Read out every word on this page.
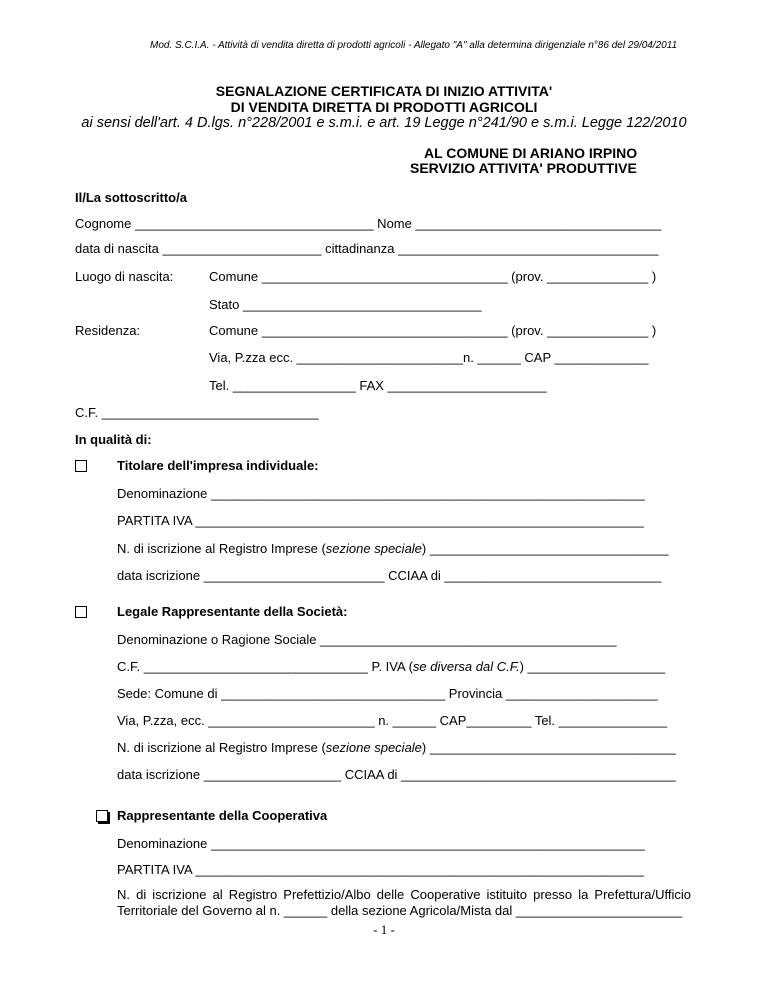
Mod. S.C.I.A. - Attività di vendita diretta di prodotti agricoli - Allegato "A" alla determina dirigenziale n°86 del 29/04/2011
SEGNALAZIONE CERTIFICATA DI INIZIO ATTIVITA'
DI VENDITA DIRETTA DI PRODOTTI AGRICOLI
ai sensi dell'art. 4 D.lgs. n°228/2001 e s.m.i. e art. 19 Legge n°241/90 e s.m.i. Legge 122/2010
AL COMUNE DI ARIANO IRPINO
SERVIZIO ATTIVITA' PRODUTTIVE
Il/La sottoscritto/a
Cognome _________________________________ Nome __________________________________
data di nascita ______________________ cittadinanza ____________________________________
Luogo di nascita:	Comune __________________________________ (prov. ______________ )
Stato _________________________________
Residenza:	Comune __________________________________ (prov. ______________ )
Via, P.zza ecc. _______________________n. ______ CAP _____________
Tel. _________________ FAX ______________________
C.F. ______________________________
In qualità di:
Titolare dell'impresa individuale:
Denominazione ____________________________________________________________
PARTITA IVA ______________________________________________________________
N. di iscrizione al Registro Imprese (sezione speciale) _________________________________
data iscrizione _________________________ CCIAA di ______________________________
Legale Rappresentante della Società:
Denominazione o Ragione Sociale _________________________________________
C.F. _______________________________ P. IVA (se diversa dal C.F.) ___________________
Sede: Comune di _______________________________ Provincia _____________________
Via, P.zza, ecc. _______________________ n. ______ CAP_________ Tel. _______________
N. di iscrizione al Registro Imprese (sezione speciale) __________________________________
data iscrizione ___________________ CCIAA di ______________________________________
Rappresentante della Cooperativa
Denominazione ____________________________________________________________
PARTITA IVA ______________________________________________________________
N. di iscrizione al Registro Prefettizio/Albo delle Cooperative istituito presso la Prefettura/Ufficio Territoriale del Governo al n. ______ della sezione Agricola/Mista dal _______________________
- 1 -
